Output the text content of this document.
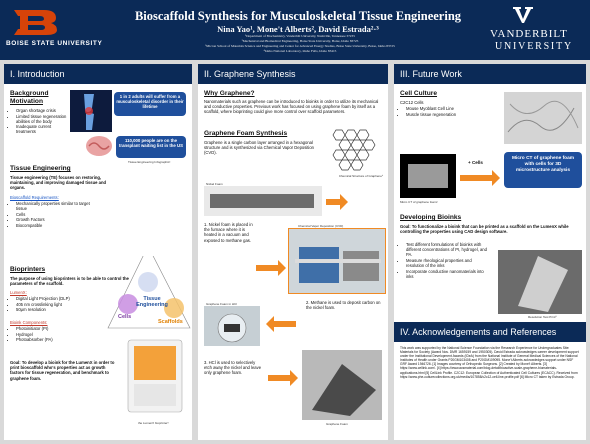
BOISE STATE UNIVERSITY
Bioscaffold Synthesis for Musculoskeletal Tissue Engineering
Nina Yao¹, Mone't Alberts², David Estrada²·³
¹Department of Biochemistry, Vanderbilt University, Nashville, Tennessee 37235
²Mechanical and Biomedical Engineering, Boise State University, Boise, Idaho 83725
³Micron School of Materials Science and Engineering and Center for Advanced Energy Studies, Boise State University, Boise, Idaho 83725
⁴Idaho National Laboratory, Idaho Falls, Idaho 83415
VANDERBILT
UNIVERSITY
I. Introduction
Background Motivation
• Organ shortage crisis
• Limited tissue regeneration abilities of the body
• Inadequate current treatments
1 in 2 adults will suffer from a musculoskeletal disorder in their lifetime
110,000 people are on the transplant waiting list in the US
Tissue Engineering Infographic²
Tissue Engineering
Tissue engineering (TE) focuses on restoring, maintaining, and improving damaged tissue and organs.
Bioscaffold Requirements:
• Mechanically properties similar to target tissue
• Cells
• Growth Factors
• Biocompatible
Tissue Engineering
Cells
Scaffolds
Bioprinters
The purpose of using bioprinters is to be able to control the parameters of the scaffold.
LumenX:
• Digital Light Projection (DLP)
• 405 nm crosslinking light
• 50μm resolution
Bioink Components:
• Photoinitiator (PI)
• Hydrogel
• Photoabsorber (PA)
the LumenX bioprinter³
Goal: To develop a bioink for the LumenX in order to print bioscaffold who's properties act as growth factors for tissue regeneration, and benchmark to graphene foam.
II. Graphene Synthesis
Why Graphene?
Nanomaterials such as graphene can be introduced to bioinks in order to utilize its mechanical and conductive properties. Previous work has focused on using graphene foam by itself as a scaffold, where bioprinting could give more control over scaffold parameters.
Graphene Foam Synthesis
Graphene is a single carbon layer arranged in a hexagonal structure and is synthesized via Chemical Vapor Deposition (CVD).
Chemical Structure of Graphene⁴
Nickel Foam
1. Nickel foam is placed in the furnace where it is heated in a vacuum and exposed to methane gas.
Chemical Vapor Deposition (CVD)
Graphene Foam in HCl	2. Methane is used to deposit carbon on the nickel foam.
3. HCl is used to selectively etch away the nickel and leave only graphene foam.
Graphene Foam
III. Future Work
Cell Culture
C2C12 Cells
• Mouse Myoblast Cell Line
• Muscle tissue regeneration
Micro CT of graphene foam²
+ Cells
Micro CT of graphene foam with cells for 3D microstructure analysis
Developing Bioinks
Goal: To functionalize a bioink that can be printed as a scaffold on the LumenX while controlling the properties using CAD design software.
• Test different formulations of bioinks with different concentrations of PI, hydrogel, and PA.
• Measure rheological properties and resolution of the inks
• Incorporate conductive nanomaterials into inks
Resolution Test Print⁵
IV. Acknowledgements and References
This work was supported by the National Science Foundation via the Research Experience for Undergraduates Site: Materials for Society (Award Nos. DMR 1659159 and 1950305). David Estrada acknowledges career development support under the Institutional Development Awards (IDeA) from the National Institute of General Medical Sciences of the National Institutes of Health under Grants P20GM103408 and P20GM109095. Mone't Alberts acknowledges support under NSF GRF Award 1946726. [1] Images courtesy of Orthopedic Surgeons. [2] Created by Mone't Alberts. [3] https://www.cellink.com/. [4] https://www.acsmaterial.com/blog-detail/bioactive-scale-graphene-biomaterials-applications.html [5] CellLink Profile. C2C12: European Collection of Authenticated Cell Cultures (ECACC). Received from https://www.phe-culturecollections.org.uk/media/107858/c2c12-cell-line-profile.pdf [6] Micro CT taken by Estrada Group.
